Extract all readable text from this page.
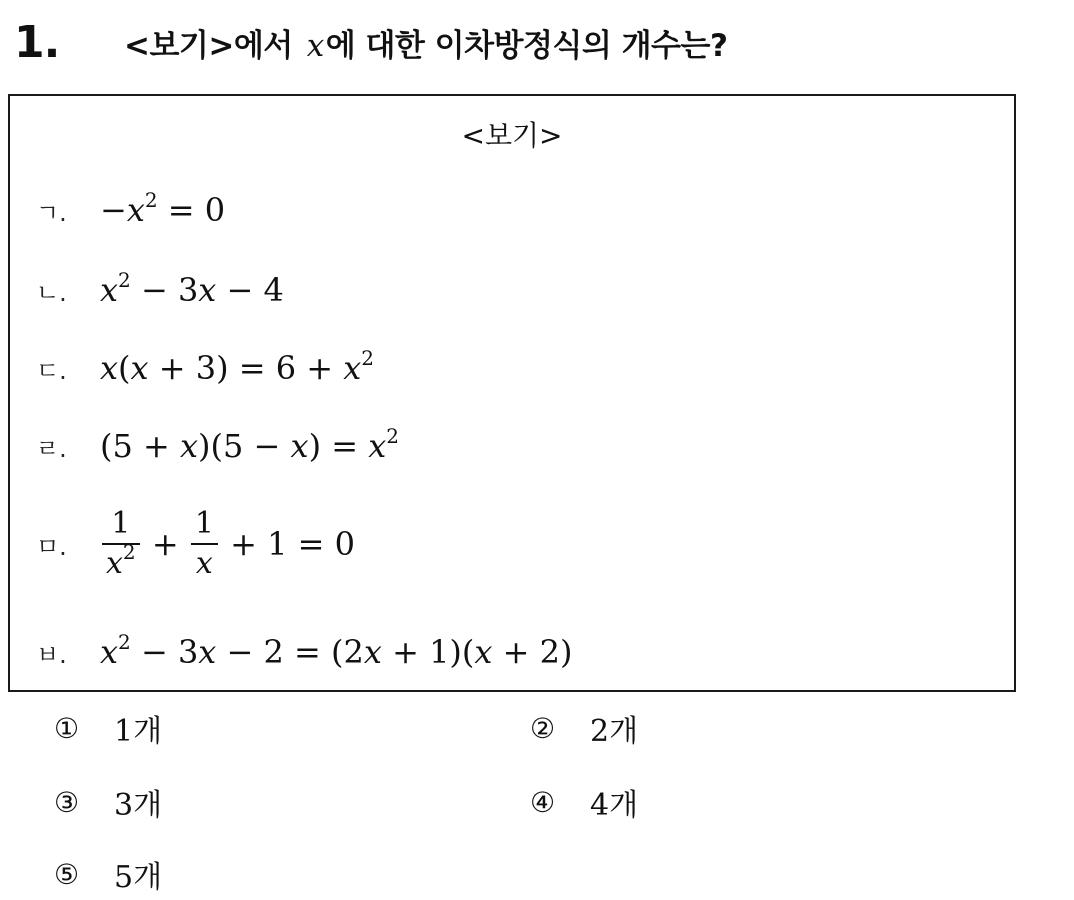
1.	<보기>에서 x에 대한 이차방정식의 개수는?
<보기>
ㄱ.	$-x^2 = 0$
ㄴ.	$x^2 - 3x - 4$
ㄷ.	$x(x + 3) = 6 + x^2$
ㄹ.	$(5 + x)(5 - x) = x^2$
ㅁ.	$\frac{1}{x^2} + \frac{1}{x} + 1 = 0$
ㅂ.	$x^2 - 3x - 2 = (2x + 1)(x + 2)$
①	1개	②	2개
③	3개	④	4개
⑤	5개
